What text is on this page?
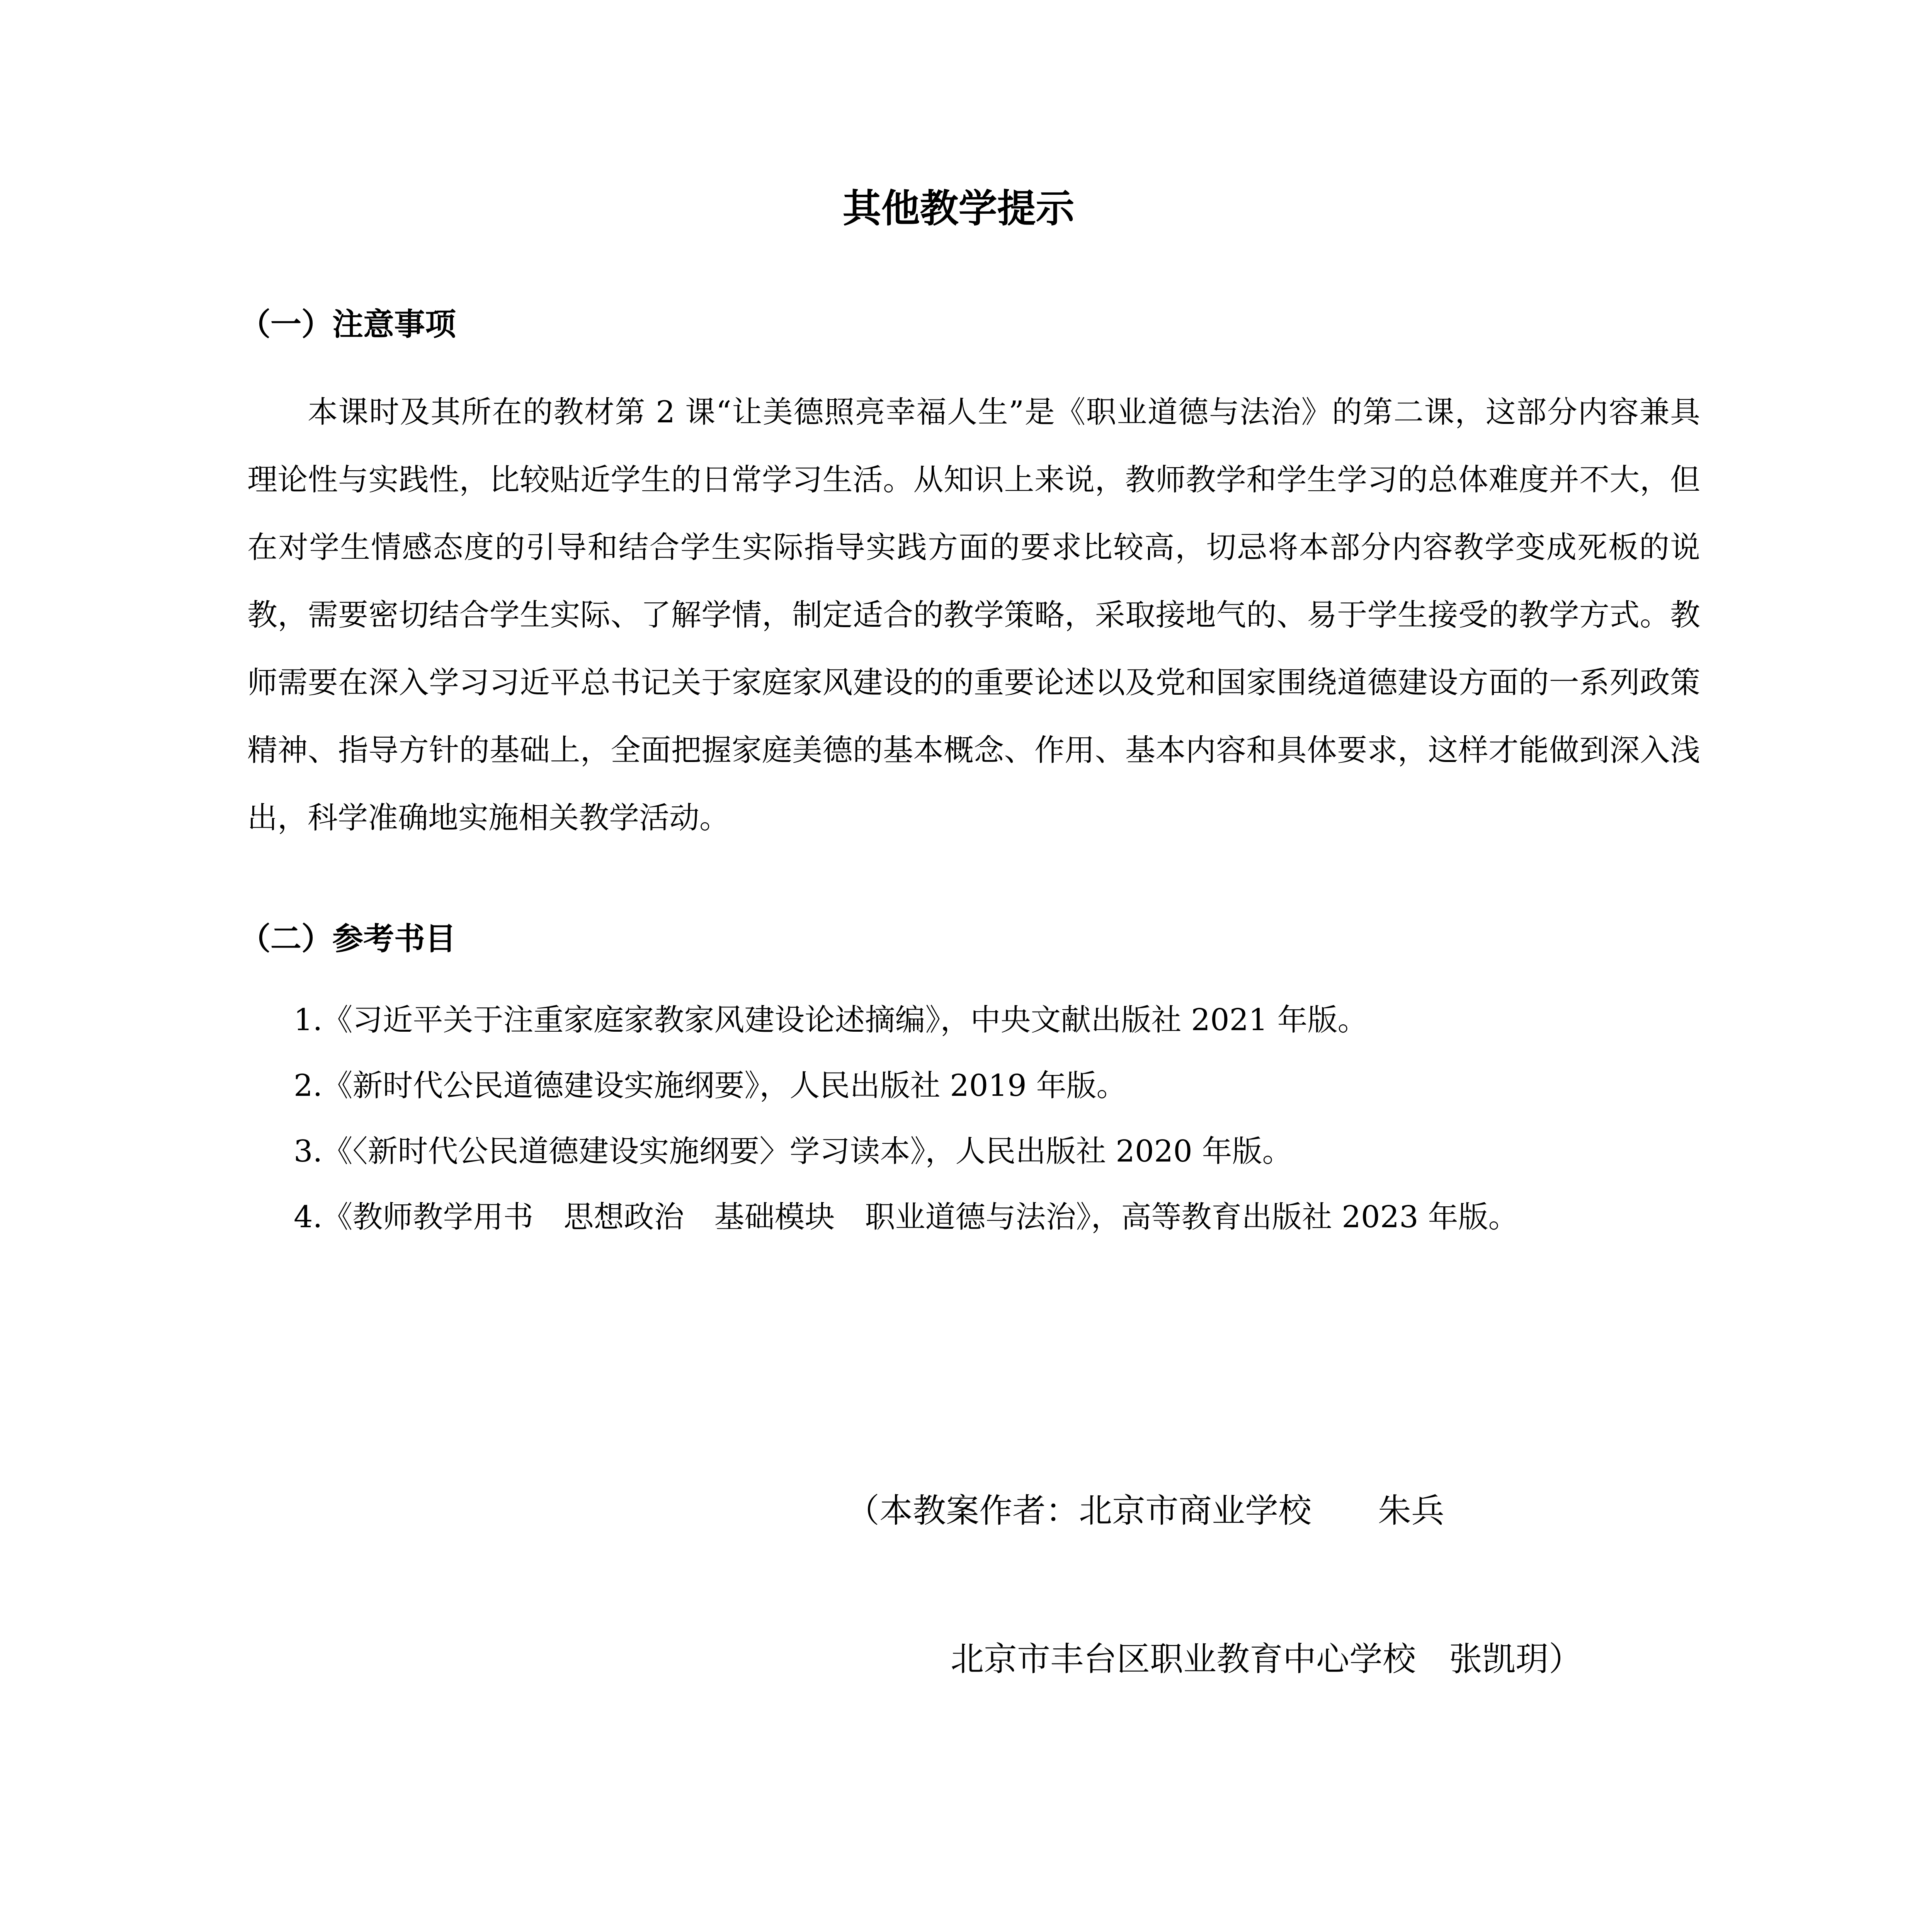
其他教学提示
（一）注意事项

本课时及其所在的教材第 2 课“让美德照亮幸福人生”是《职业道德与法治》的第二课，这部分内容兼具理论性与实践性，比较贴近学生的日常学习生活。从知识上来说，教师教学和学生学习的总体难度并不大，但在对学生情感态度的引导和结合学生实际指导实践方面的要求比较高，切忌将本部分内容教学变成死板的说教，需要密切结合学生实际、了解学情，制定适合的教学策略，采取接地气的、易于学生接受的教学方式。教师需要在深入学习习近平总书记关于家庭家风建设的的重要论述以及党和国家围绕道德建设方面的一系列政策精神、指导方针的基础上，全面把握家庭美德的基本概念、作用、基本内容和具体要求，这样才能做到深入浅出，科学准确地实施相关教学活动。

（二）参考书目
1.《习近平关于注重家庭家教家风建设论述摘编》，中央文献出版社 2021 年版。
2.《新时代公民道德建设实施纲要》，人民出版社 2019 年版。
3.《〈新时代公民道德建设实施纲要〉学习读本》，人民出版社 2020 年版。
4.《教师教学用书　思想政治　基础模块　职业道德与法治》，高等教育出版社 2023 年版。

（本教案作者：北京市商业学校　　朱兵

北京市丰台区职业教育中心学校　张凯玥）
